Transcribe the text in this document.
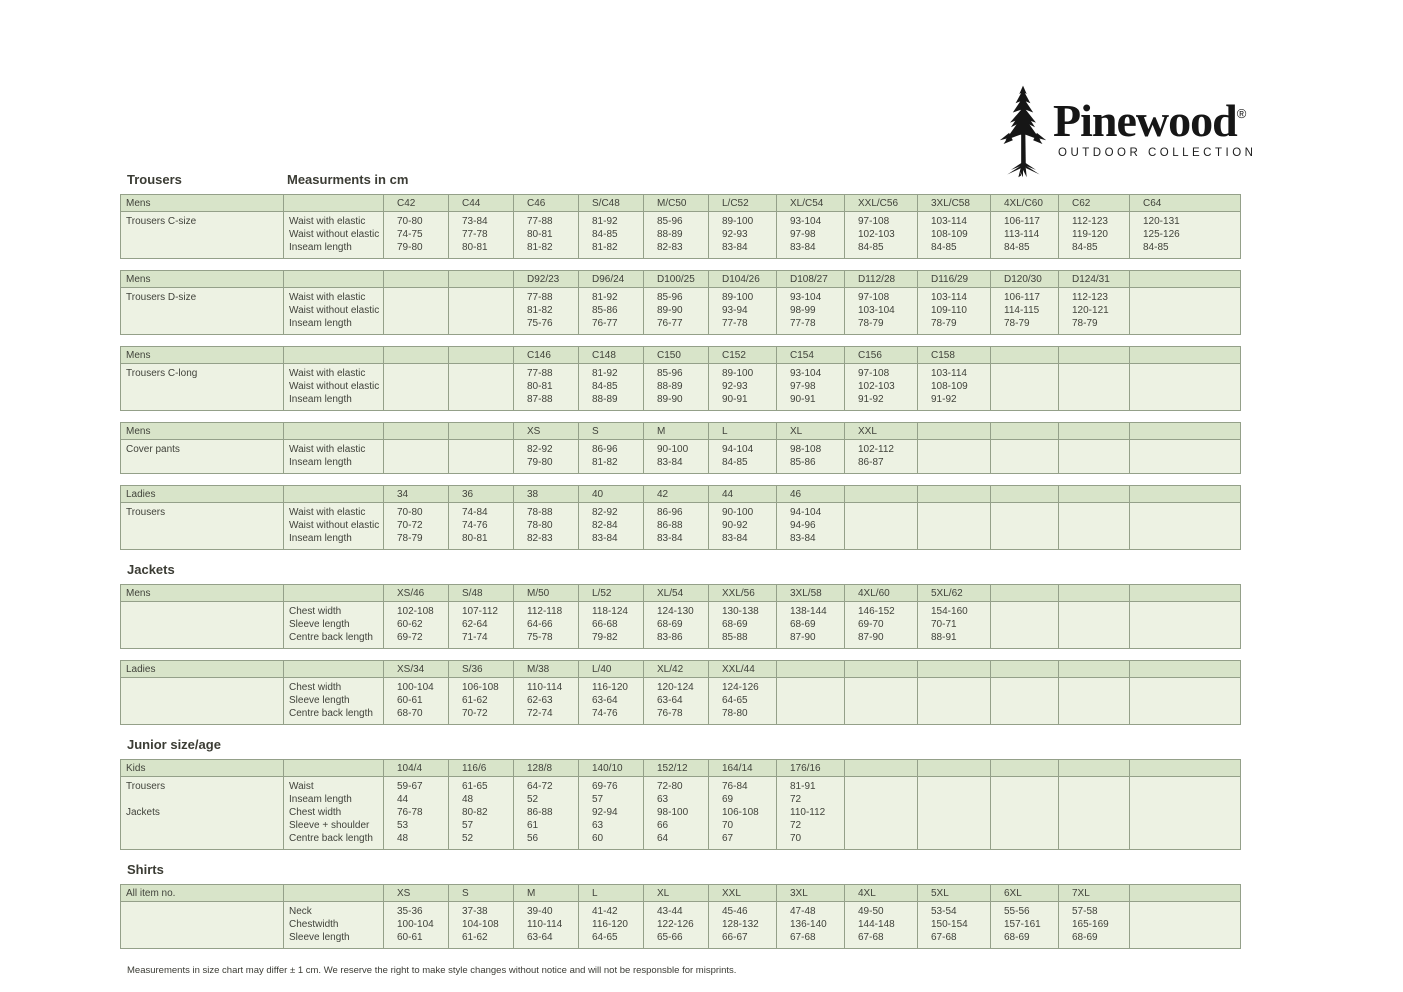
Pinewood®
OUTDOOR COLLECTION
Trousers	Measurments in cm
Mens		C42	C44	C46	S/C48	M/C50	L/C52	XL/C54	XXL/C56	3XL/C58	4XL/C60	C62	C64
Trousers C-size	Waist with elastic	70-80	73-84	77-88	81-92	85-96	89-100	93-104	97-108	103-114	106-117	112-123	120-131
	Waist without elastic	74-75	77-78	80-81	84-85	88-89	92-93	97-98	102-103	108-109	113-114	119-120	125-126
	Inseam length	79-80	80-81	81-82	81-82	82-83	83-84	83-84	84-85	84-85	84-85	84-85	84-85
Mens				D92/23	D96/24	D100/25	D104/26	D108/27	D112/28	D116/29	D120/30	D124/31	
Trousers D-size	Waist with elastic			77-88	81-92	85-96	89-100	93-104	97-108	103-114	106-117	112-123	
	Waist without elastic			81-82	85-86	89-90	93-94	98-99	103-104	109-110	114-115	120-121	
	Inseam length			75-76	76-77	76-77	77-78	77-78	78-79	78-79	78-79	78-79	
Mens				C146	C148	C150	C152	C154	C156	C158			
Trousers C-long	Waist with elastic			77-88	81-92	85-96	89-100	93-104	97-108	103-114			
	Waist without elastic			80-81	84-85	88-89	92-93	97-98	102-103	108-109			
	Inseam length			87-88	88-89	89-90	90-91	90-91	91-92	91-92			
Mens				XS	S	M	L	XL	XXL				
Cover pants	Waist with elastic			82-92	86-96	90-100	94-104	98-108	102-112				
	Inseam length			79-80	81-82	83-84	84-85	85-86	86-87				
Ladies		34	36	38	40	42	44	46					
Trousers	Waist with elastic	70-80	74-84	78-88	82-92	86-96	90-100	94-104					
	Waist without elastic	70-72	74-76	78-80	82-84	86-88	90-92	94-96					
	Inseam length	78-79	80-81	82-83	83-84	83-84	83-84	83-84					
Jackets
Mens		XS/46	S/48	M/50	L/52	XL/54	XXL/56	3XL/58	4XL/60	5XL/62			
	Chest width	102-108	107-112	112-118	118-124	124-130	130-138	138-144	146-152	154-160			
	Sleeve length	60-62	62-64	64-66	66-68	68-69	68-69	68-69	69-70	70-71			
	Centre back length	69-72	71-74	75-78	79-82	83-86	85-88	87-90	87-90	88-91			
Ladies		XS/34	S/36	M/38	L/40	XL/42	XXL/44						
	Chest width	100-104	106-108	110-114	116-120	120-124	124-126						
	Sleeve length	60-61	61-62	62-63	63-64	63-64	64-65						
	Centre back length	68-70	70-72	72-74	74-76	76-78	78-80						
Junior size/age
Kids		104/4	116/6	128/8	140/10	152/12	164/14	176/16					
Trousers	Waist	59-67	61-65	64-72	69-76	72-80	76-84	81-91					
	Inseam length	44	48	52	57	63	69	72					
Jackets	Chest width	76-78	80-82	86-88	92-94	98-100	106-108	110-112					
	Sleeve + shoulder	53	57	61	63	66	70	72					
	Centre back length	48	52	56	60	64	67	70					
Shirts
All item no.		XS	S	M	L	XL	XXL	3XL	4XL	5XL	6XL	7XL	
	Neck	35-36	37-38	39-40	41-42	43-44	45-46	47-48	49-50	53-54	55-56	57-58	
	Chestwidth	100-104	104-108	110-114	116-120	122-126	128-132	136-140	144-148	150-154	157-161	165-169	
	Sleeve length	60-61	61-62	63-64	64-65	65-66	66-67	67-68	67-68	67-68	68-69	68-69	
Measurements in size chart may differ ± 1 cm. We reserve the right to make style changes without notice and will not be responsble for misprints.
